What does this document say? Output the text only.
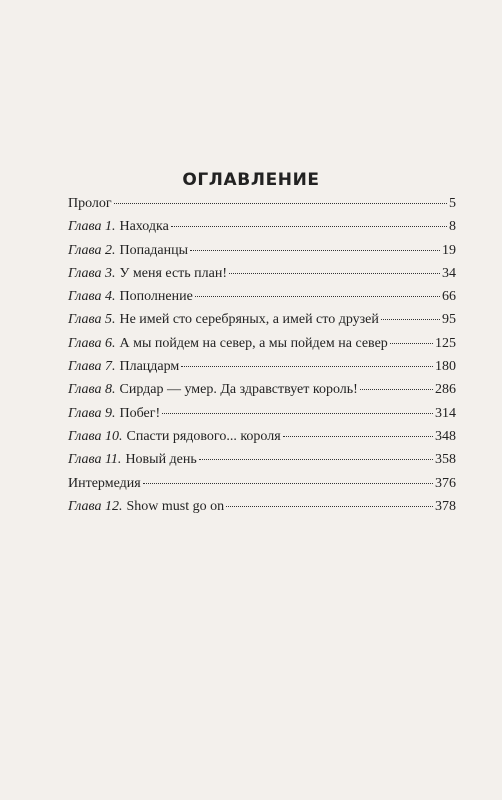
ОГЛАВЛЕНИЕ
Пролог	5
Глава 1. Находка	8
Глава 2. Попаданцы	19
Глава 3. У меня есть план!	34
Глава 4. Пополнение	66
Глава 5. Не имей сто серебряных, а имей сто друзей	95
Глава 6. А мы пойдем на север, а мы пойдем на север	125
Глава 7. Плацдарм	180
Глава 8. Сирдар — умер. Да здравствует король!	286
Глава 9. Побег!	314
Глава 10. Спасти рядового... короля	348
Глава 11. Новый день	358
Интермедия	376
Глава 12. Show must go on	378
